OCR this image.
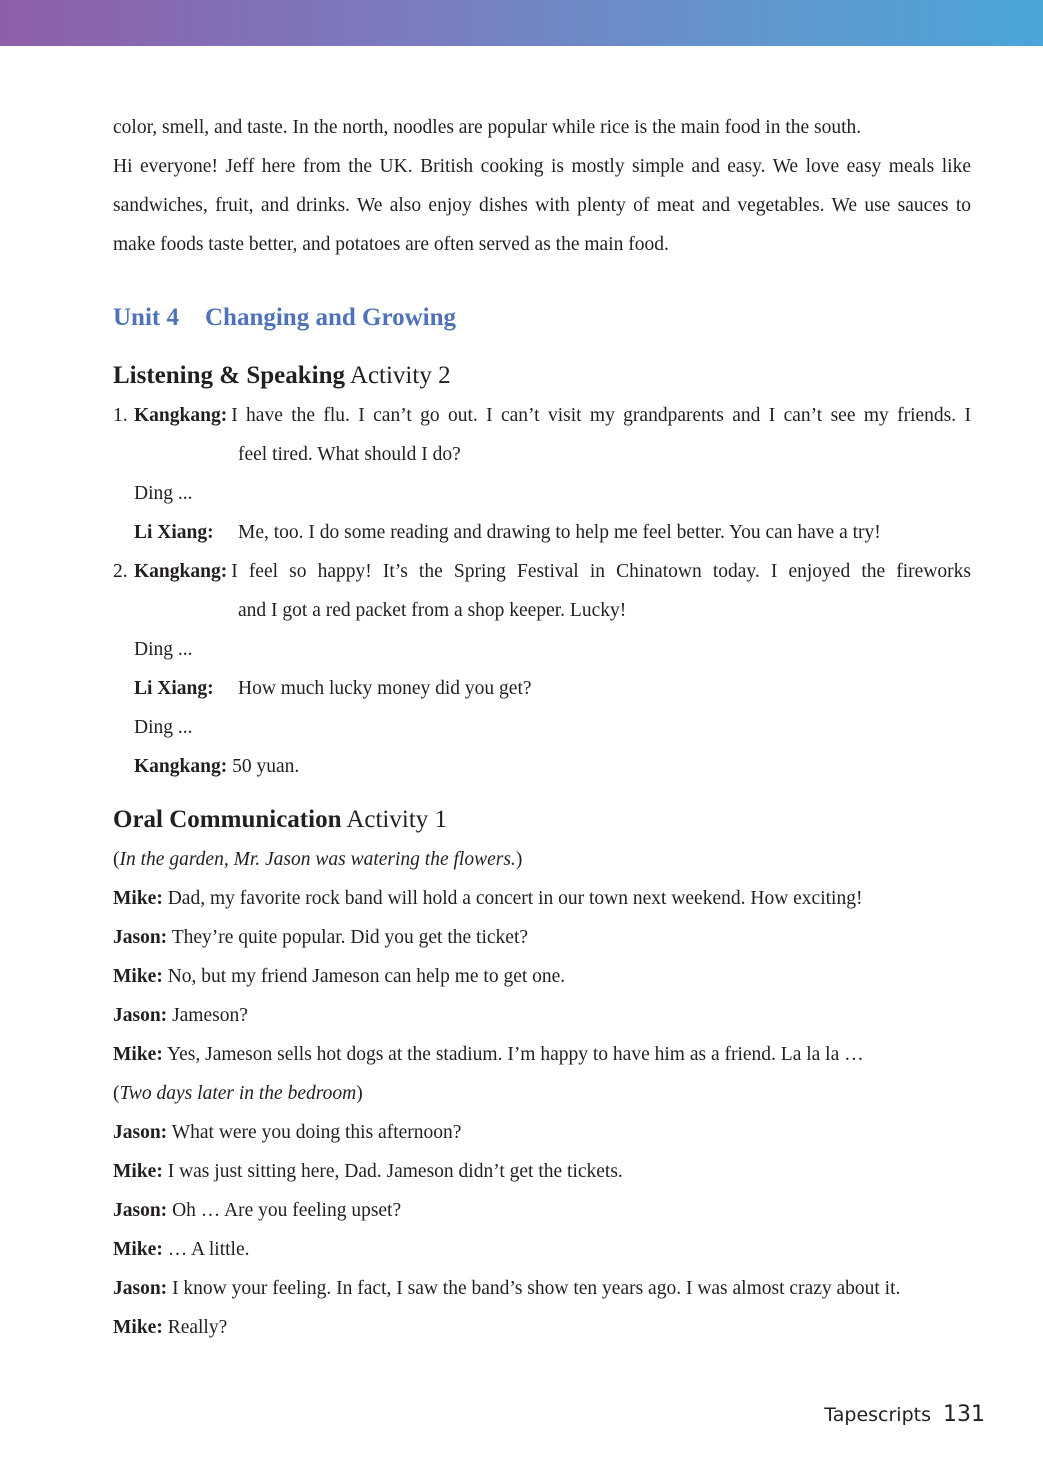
color, smell, and taste. In the north, noodles are popular while rice is the main food in the south.

Hi everyone! Jeff here from the UK. British cooking is mostly simple and easy. We love easy meals like sandwiches, fruit, and drinks. We also enjoy dishes with plenty of meat and vegetables. We use sauces to make foods taste better, and potatoes are often served as the main food.

Unit 4 Changing and Growing
Listening & Speaking Activity 2
1. Kangkang: I have the flu. I can’t go out. I can’t visit my grandparents and I can’t see my friends. I

feel tired. What should I do?

Ding ...

Li Xiang: Me, too. I do some reading and drawing to help me feel better. You can have a try!

2. Kangkang: I feel so happy! It’s the Spring Festival in Chinatown today. I enjoyed the fireworks

and I got a red packet from a shop keeper. Lucky!

Ding ...

Li Xiang: How much lucky money did you get?

Ding ...

Kangkang: 50 yuan.

Oral Communication Activity 1

(In the garden, Mr. Jason was watering the flowers.)

Mike: Dad, my favorite rock band will hold a concert in our town next weekend. How exciting!

Jason: They’re quite popular. Did you get the ticket?

Mike: No, but my friend Jameson can help me to get one.

Jason: Jameson?

Mike: Yes, Jameson sells hot dogs at the stadium. I’m happy to have him as a friend. La la la …

(Two days later in the bedroom)

Jason: What were you doing this afternoon?

Mike: I was just sitting here, Dad. Jameson didn’t get the tickets.

Jason: Oh … Are you feeling upset?

Mike: … A little.

Jason: I know your feeling. In fact, I saw the band’s show ten years ago. I was almost crazy about it.

Mike: Really?

Tapescripts 131
